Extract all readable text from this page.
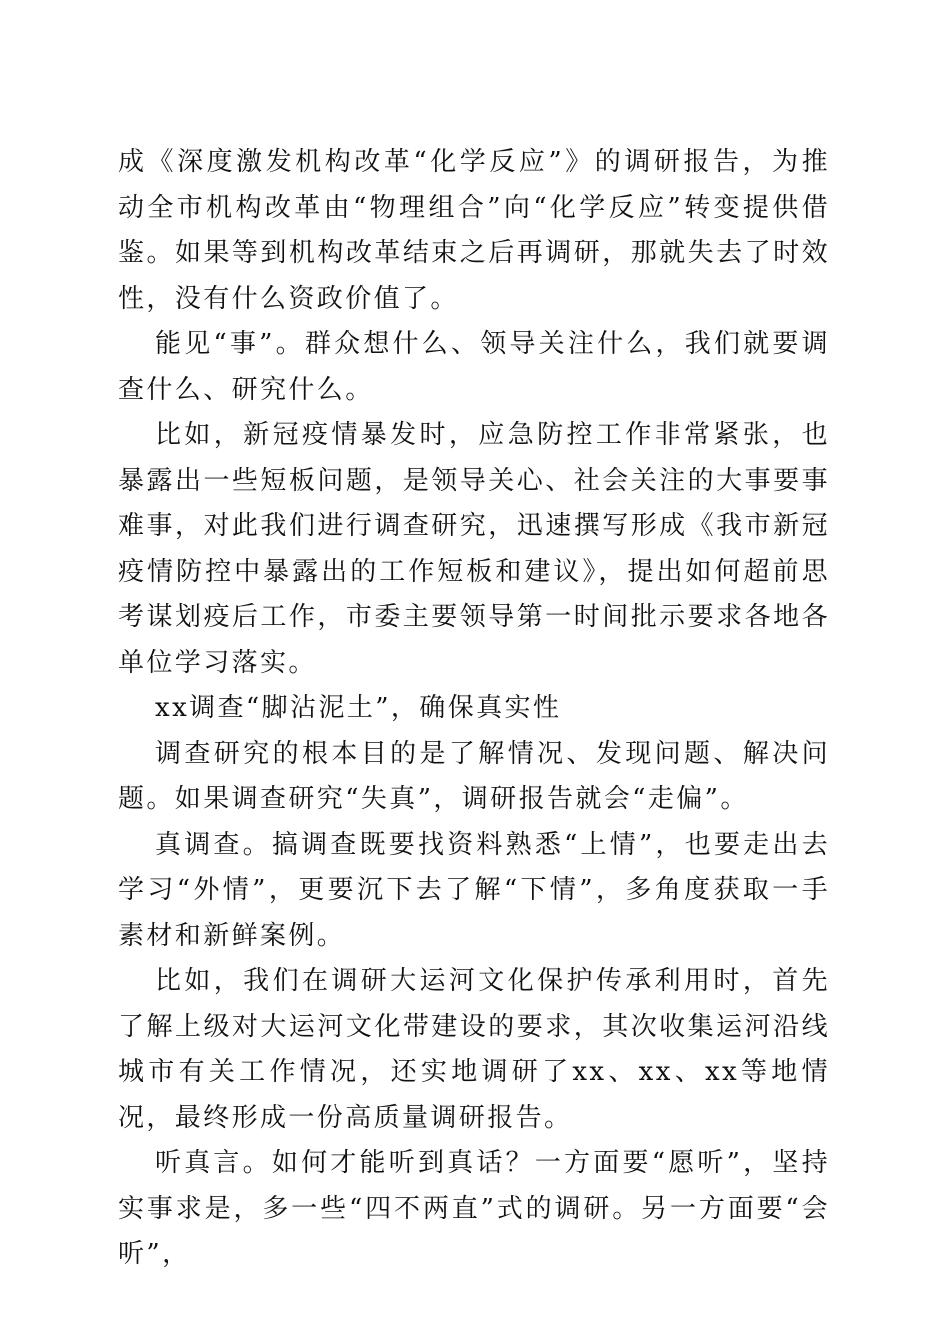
成《深度激发机构改革“化学反应”》的调研报告，为推动全市机构改革由“物理组合”向“化学反应”转变提供借鉴。如果等到机构改革结束之后再调研，那就失去了时效性，没有什么资政价值了。

能见“事”。群众想什么、领导关注什么，我们就要调查什么、研究什么。

比如，新冠疫情暴发时，应急防控工作非常紧张，也暴露出一些短板问题，是领导关心、社会关注的大事要事难事，对此我们进行调查研究，迅速撰写形成《我市新冠疫情防控中暴露出的工作短板和建议》，提出如何超前思考谋划疫后工作，市委主要领导第一时间批示要求各地各单位学习落实。

xx调查“脚沾泥土”，确保真实性

调查研究的根本目的是了解情况、发现问题、解决问题。如果调查研究“失真”，调研报告就会“走偏”。

真调查。搞调查既要找资料熟悉“上情”，也要走出去学习“外情”，更要沉下去了解“下情”，多角度获取一手素材和新鲜案例。

比如，我们在调研大运河文化保护传承利用时，首先了解上级对大运河文化带建设的要求，其次收集运河沿线城市有关工作情况，还实地调研了xx、xx、xx等地情况，最终形成一份高质量调研报告。

听真言。如何才能听到真话？一方面要“愿听”，坚持实事求是，多一些“四不两直”式的调研。另一方面要“会听”，
